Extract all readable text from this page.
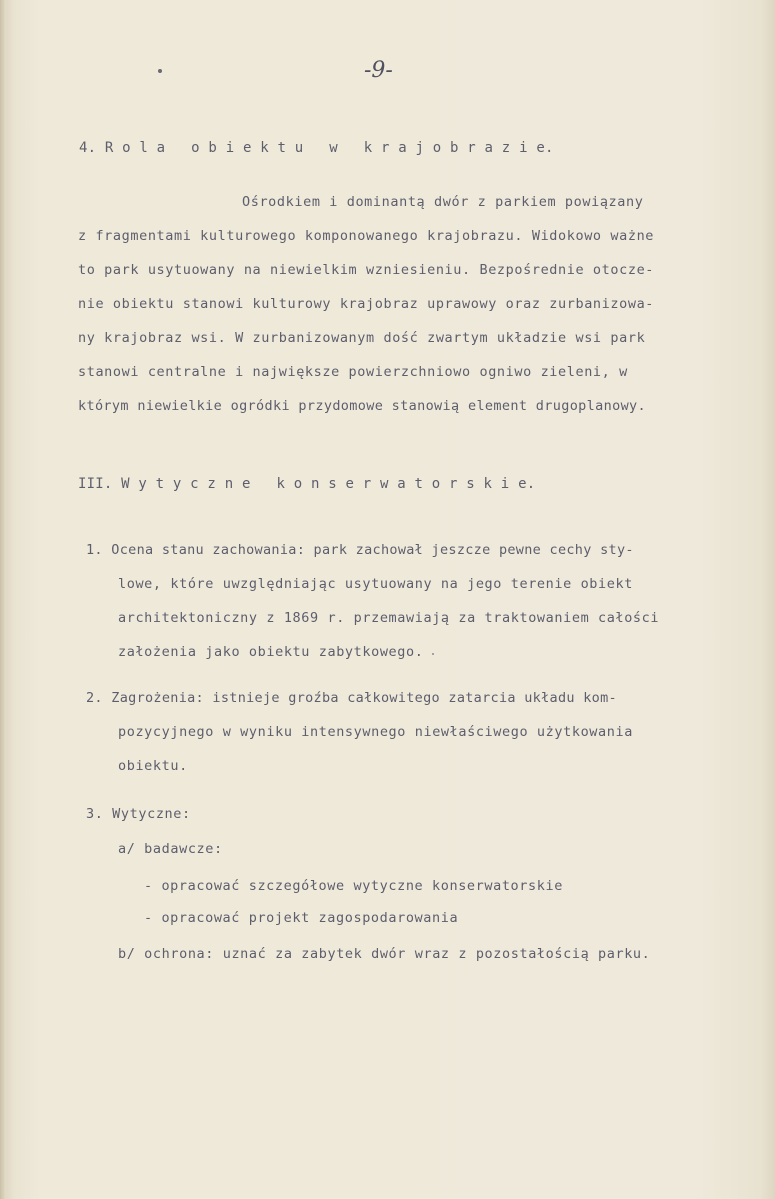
-9-
4. R o l a   o b i e k t u   w   k r a j o b r a z i e.
Ośrodkiem i dominantą dwór z parkiem powiązany
z fragmentami kulturowego komponowanego krajobrazu. Widokowo ważne
to park usytuowany na niewielkim wzniesieniu. Bezpośrednie otocze-
nie obiektu stanowi kulturowy krajobraz uprawowy oraz zurbanizowa-
ny krajobraz wsi. W zurbanizowanym dość zwartym układzie wsi park
stanowi centralne i największe powierzchniowo ogniwo zieleni, w
którym niewielkie ogródki przydomowe stanowią element drugoplanowy.
III. W y t y c z n e   k o n s e r w a t o r s k i e.
1. Ocena stanu zachowania: park zachował jeszcze pewne cechy sty-
lowe, które uwzględniając usytuowany na jego terenie obiekt
architektoniczny z 1869 r. przemawiają za traktowaniem całości
założenia jako obiektu zabytkowego.
2. Zagrożenia: istnieje groźba całkowitego zatarcia układu kom-
pozycyjnego w wyniku intensywnego niewłaściwego użytkowania
obiektu.
3. Wytyczne:
a/ badawcze:
- opracować szczegółowe wytyczne konserwatorskie
- opracować projekt zagospodarowania
b/ ochrona: uznać za zabytek dwór wraz z pozostałością parku.
